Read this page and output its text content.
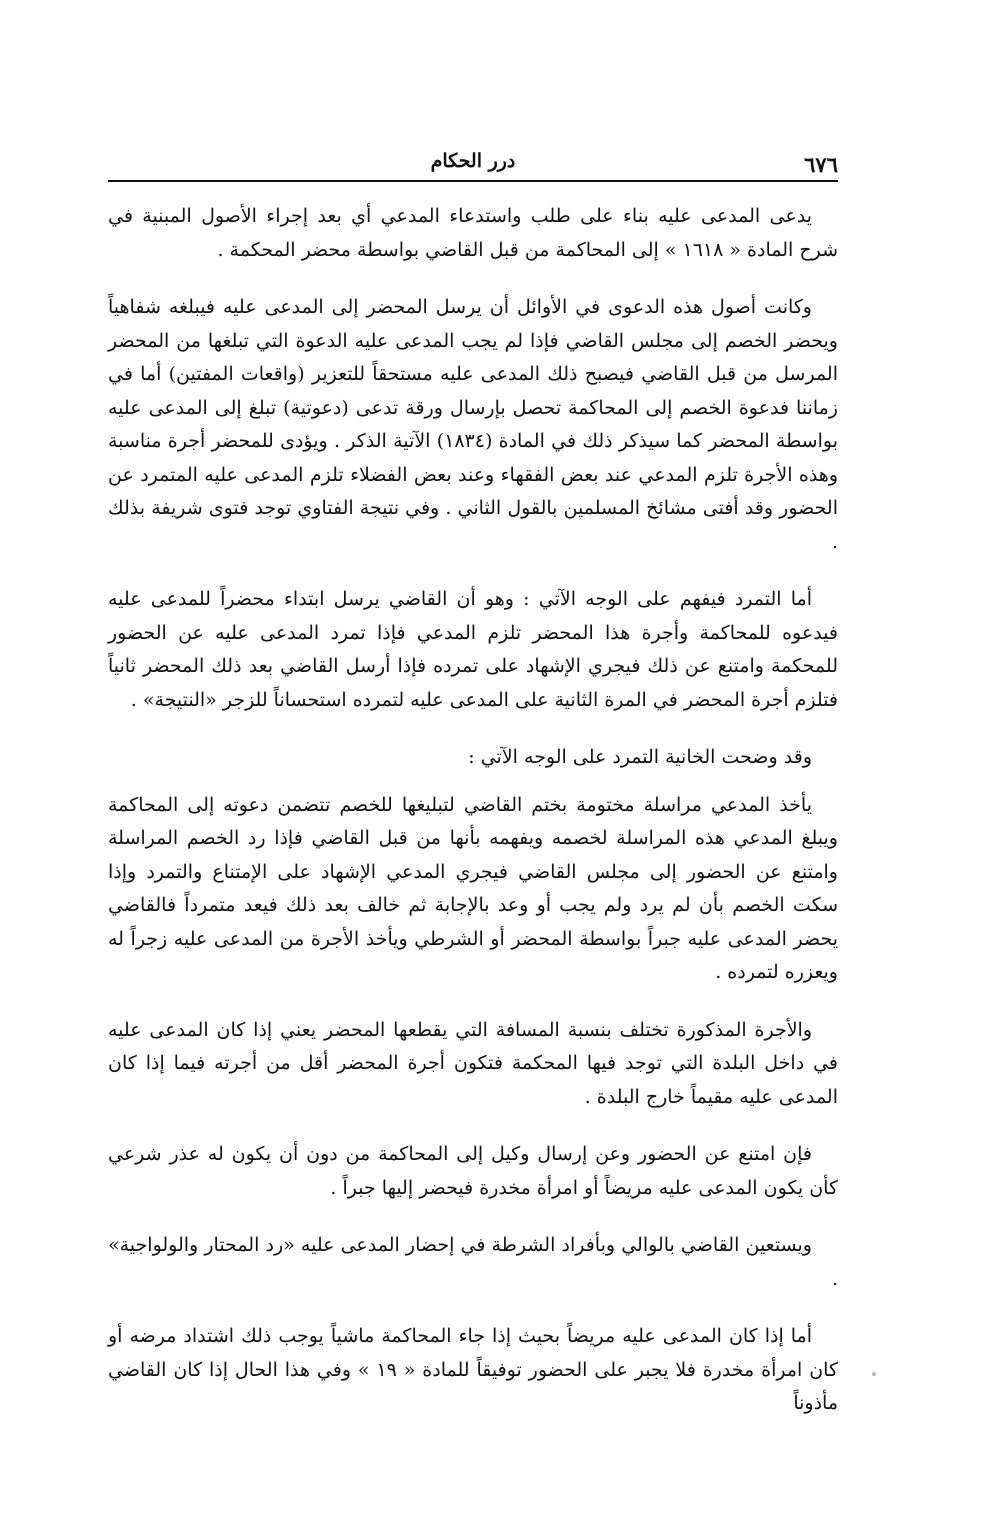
٦٧٦
درر الحكام

يدعى المدعى عليه بناء على طلب واستدعاء المدعي أي بعد إجراء الأصول المبنية في شرح المادة « ١٦١٨ » إلى المحاكمة من قبل القاضي بواسطة محضر المحكمة .

وكانت أصول هذه الدعوى في الأوائل أن يرسل المحضر إلى المدعى عليه فيبلغه شفاهياً ويحضر الخصم إلى مجلس القاضي فإذا لم يجب المدعى عليه الدعوة التي تبلغها من المحضر المرسل من قبل القاضي فيصبح ذلك المدعى عليه مستحقاً للتعزير (واقعات المفتين) أما في زماننا فدعوة الخصم إلى المحاكمة تحصل بإرسال ورقة تدعى (دعوتية) تبلغ إلى المدعى عليه بواسطة المحضر كما سيذكر ذلك في المادة (١٨٣٤) الآتية الذكر . ويؤدى للمحضر أجرة مناسبة وهذه الأجرة تلزم المدعي عند بعض الفقهاء وعند بعض الفضلاء تلزم المدعى عليه المتمرد عن الحضور وقد أفتى مشائخ المسلمين بالقول الثاني . وفي نتيجة الفتاوي توجد فتوى شريفة بذلك .

أما التمرد فيفهم على الوجه الآتي : وهو أن القاضي يرسل ابتداء محضراً للمدعى عليه فيدعوه للمحاكمة وأجرة هذا المحضر تلزم المدعي فإذا تمرد المدعى عليه عن الحضور للمحكمة وامتنع عن ذلك فيجري الإشهاد على تمرده فإذا أرسل القاضي بعد ذلك المحضر ثانياً فتلزم أجرة المحضر في المرة الثانية على المدعى عليه لتمرده استحساناً للزجر «النتيجة» .

وقد وضحت الخانية التمرد على الوجه الآتي :

يأخذ المدعي مراسلة مختومة بختم القاضي لتبليغها للخصم تتضمن دعوته إلى المحاكمة ويبلغ المدعي هذه المراسلة لخصمه ويفهمه بأنها من قبل القاضي فإذا رد الخصم المراسلة وامتنع عن الحضور إلى مجلس القاضي فيجري المدعي الإشهاد على الإمتناع والتمرد وإذا سكت الخصم بأن لم يرد ولم يجب أو وعد بالإجابة ثم خالف بعد ذلك فيعد متمرداً فالقاضي يحضر المدعى عليه جبراً بواسطة المحضر أو الشرطي ويأخذ الأجرة من المدعى عليه زجراً له ويعزره لتمرده .

والأجرة المذكورة تختلف بنسبة المسافة التي يقطعها المحضر يعني إذا كان المدعى عليه في داخل البلدة التي توجد فيها المحكمة فتكون أجرة المحضر أقل من أجرته فيما إذا كان المدعى عليه مقيماً خارج البلدة .

فإن امتنع عن الحضور وعن إرسال وكيل إلى المحاكمة من دون أن يكون له عذر شرعي كأن يكون المدعى عليه مريضاً أو امرأة مخدرة فيحضر إليها جبراً .

ويستعين القاضي بالوالي وبأفراد الشرطة في إحضار المدعى عليه «رد المحتار والولواجية» .

أما إذا كان المدعى عليه مريضاً بحيث إذا جاء المحاكمة ماشياً يوجب ذلك اشتداد مرضه أو كان امرأة مخدرة فلا يجبر على الحضور توفيقاً للمادة « ١٩ » وفي هذا الحال إذا كان القاضي مأذوناً
